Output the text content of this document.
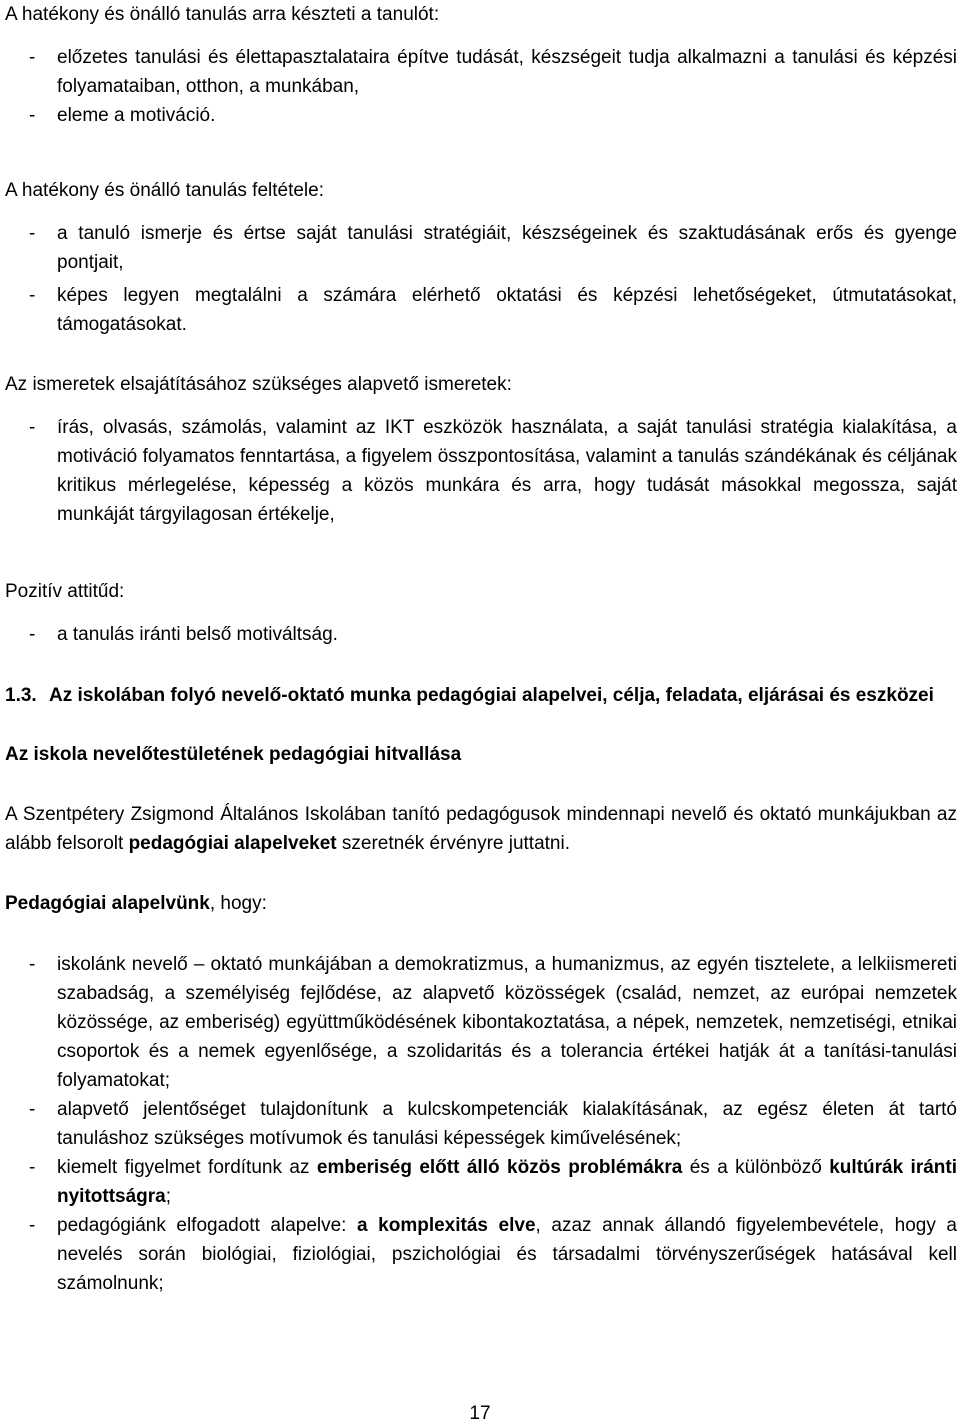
A hatékony és önálló tanulás arra készteti a tanulót:

- előzetes tanulási és élettapasztalataira építve tudását, készségeit tudja alkalmazni a tanulási és képzési folyamataiban, otthon, a munkában,
- eleme a motiváció.

A hatékony és önálló tanulás feltétele:

- a tanuló ismerje és értse saját tanulási stratégiáit, készségeinek és szaktudásának erős és gyenge pontjait,
- képes legyen megtalálni a számára elérhető oktatási és képzési lehetőségeket, útmutatásokat, támogatásokat.

Az ismeretek elsajátításához szükséges alapvető ismeretek:

- írás, olvasás, számolás, valamint az IKT eszközök használata, a saját tanulási stratégia kialakítása, a motiváció folyamatos fenntartása, a figyelem összpontosítása, valamint a tanulás szándékának és céljának kritikus mérlegelése, képesség a közös munkára és arra, hogy tudását másokkal megossza, saját munkáját tárgyilagosan értékelje,

Pozitív attitűd:

- a tanulás iránti belső motiváltság.
1.3. Az iskolában folyó nevelő-oktató munka pedagógiai alapelvei, célja, feladata, eljárásai és eszközei
Az iskola nevelőtestületének pedagógiai hitvallása

A Szentpétery Zsigmond Általános Iskolában tanító pedagógusok mindennapi nevelő és oktató munkájukban az alább felsorolt pedagógiai alapelveket szeretnék érvényre juttatni.

Pedagógiai alapelvünk, hogy:

- iskolánk nevelő – oktató munkájában a demokratizmus, a humanizmus, az egyén tisztelete, a lelkiismereti szabadság, a személyiség fejlődése, az alapvető közösségek (család, nemzet, az európai nemzetek közössége, az emberiség) együttműködésének kibontakoztatása, a népek, nemzetek, nemzetiségi, etnikai csoportok és a nemek egyenlősége, a szolidaritás és a tolerancia értékei hatják át a tanítási-tanulási folyamatokat;
- alapvető jelentőséget tulajdonítunk a kulcskompetenciák kialakításának, az egész életen át tartó tanuláshoz szükséges motívumok és tanulási képességek kiművelésének;
- kiemelt figyelmet fordítunk az emberiség előtt álló közös problémákra és a különböző kultúrák iránti nyitottságra;
- pedagógiánk elfogadott alapelve: a komplexitás elve, azaz annak állandó figyelembevétele, hogy a nevelés során biológiai, fiziológiai, pszichológiai és társadalmi törvényszerűségek hatásával kell számolnunk;
17
